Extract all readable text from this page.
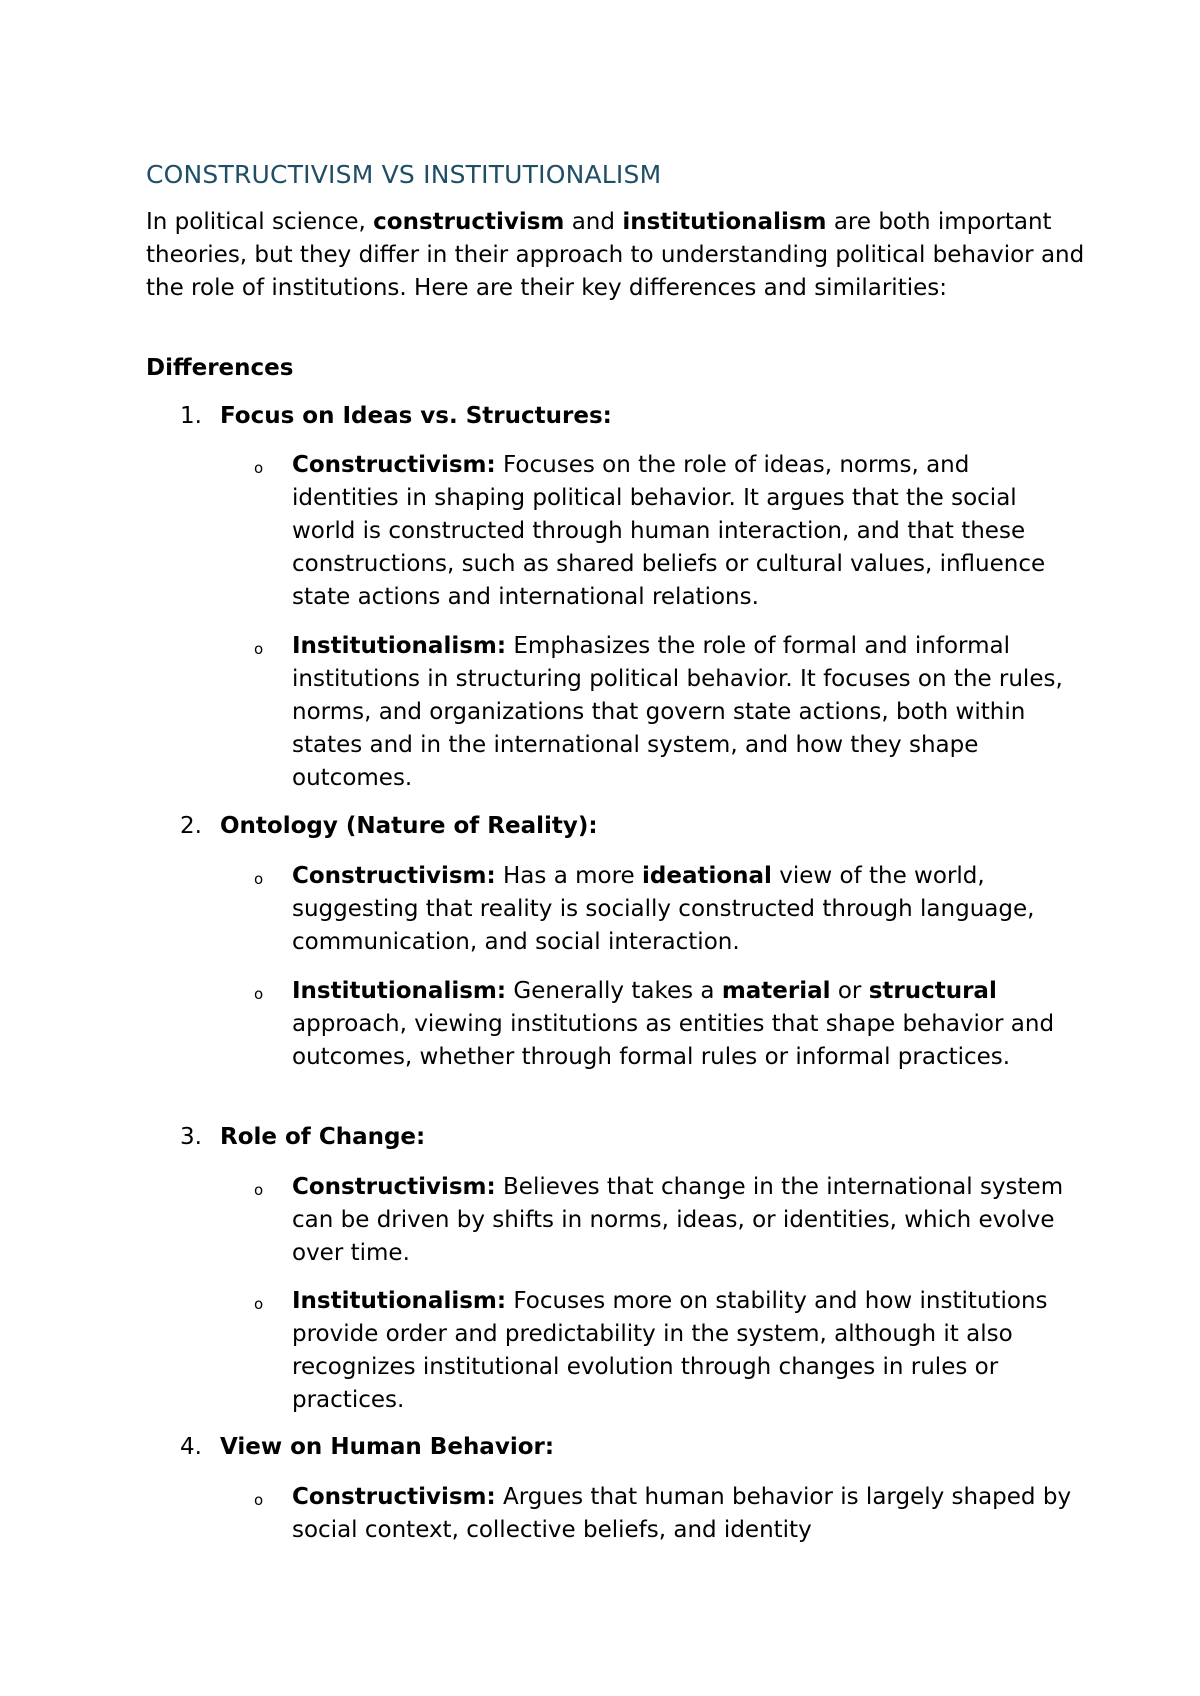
CONSTRUCTIVISM VS INSTITUTIONALISM
In political science, constructivism and institutionalism are both important theories, but they differ in their approach to understanding political behavior and the role of institutions. Here are their key differences and similarities:
Differences
1. Focus on Ideas vs. Structures:
o Constructivism: Focuses on the role of ideas, norms, and identities in shaping political behavior. It argues that the social world is constructed through human interaction, and that these constructions, such as shared beliefs or cultural values, influence state actions and international relations.
o Institutionalism: Emphasizes the role of formal and informal institutions in structuring political behavior. It focuses on the rules, norms, and organizations that govern state actions, both within states and in the international system, and how they shape outcomes.
2. Ontology (Nature of Reality):
o Constructivism: Has a more ideational view of the world, suggesting that reality is socially constructed through language, communication, and social interaction.
o Institutionalism: Generally takes a material or structural approach, viewing institutions as entities that shape behavior and outcomes, whether through formal rules or informal practices.
3. Role of Change:
o Constructivism: Believes that change in the international system can be driven by shifts in norms, ideas, or identities, which evolve over time.
o Institutionalism: Focuses more on stability and how institutions provide order and predictability in the system, although it also recognizes institutional evolution through changes in rules or practices.
4. View on Human Behavior:
o Constructivism: Argues that human behavior is largely shaped by social context, collective beliefs, and identity
